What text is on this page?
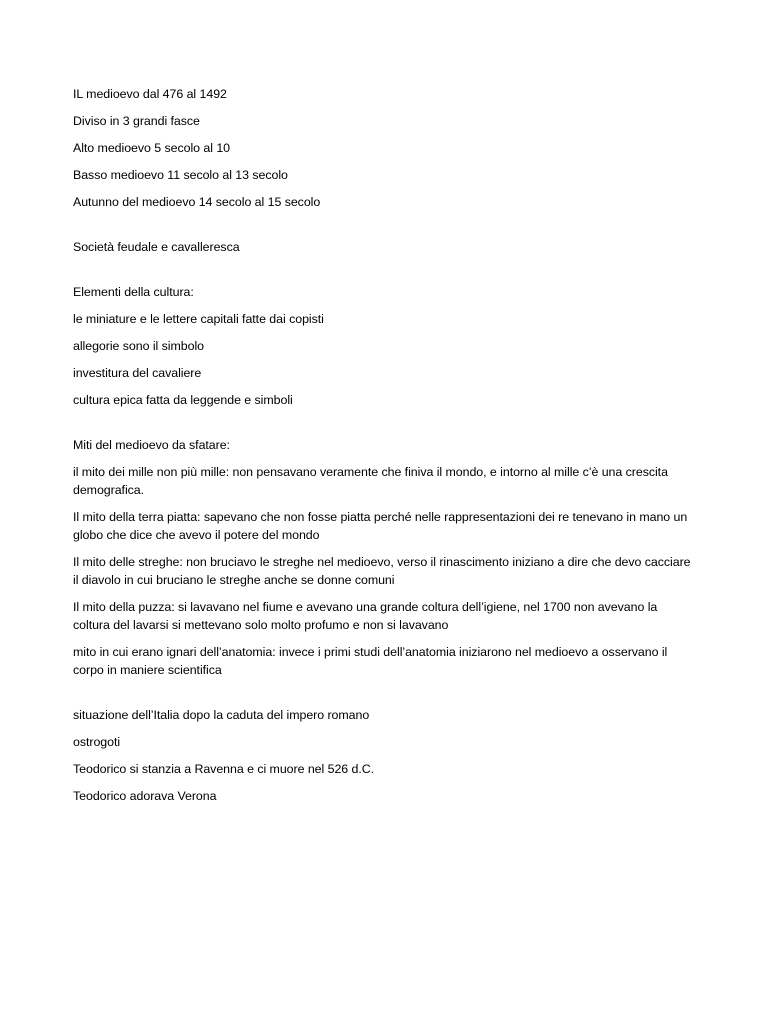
IL medioevo dal 476 al 1492

Diviso in 3 grandi fasce

Alto medioevo 5 secolo al 10

Basso medioevo 11 secolo al 13 secolo

Autunno del medioevo 14 secolo al 15 secolo

Società feudale e cavalleresca

Elementi della cultura:

le miniature e le lettere capitali fatte dai copisti

allegorie sono il simbolo

investitura del cavaliere

cultura epica fatta da leggende e simboli

Miti del medioevo da sfatare:

il mito dei mille non più mille: non pensavano veramente che finiva il mondo, e intorno al mille c’è una crescita demografica.

Il mito della terra piatta: sapevano che non fosse piatta perché nelle rappresentazioni dei re tenevano in mano un globo che dice che avevo il potere del mondo

Il mito delle streghe: non bruciavo le streghe nel medioevo, verso il rinascimento iniziano a dire che devo cacciare il diavolo in cui bruciano le streghe anche se donne comuni

Il mito della puzza: si lavavano nel fiume e avevano una grande coltura dell’igiene, nel 1700 non avevano la coltura del lavarsi si mettevano solo molto profumo e non si lavavano

mito in cui erano ignari dell’anatomia: invece i primi studi dell’anatomia iniziarono nel medioevo a osservano il corpo in maniere scientifica

situazione dell’Italia dopo la caduta del impero romano

ostrogoti

Teodorico si stanzia a Ravenna e ci muore nel 526 d.C.

Teodorico adorava Verona
